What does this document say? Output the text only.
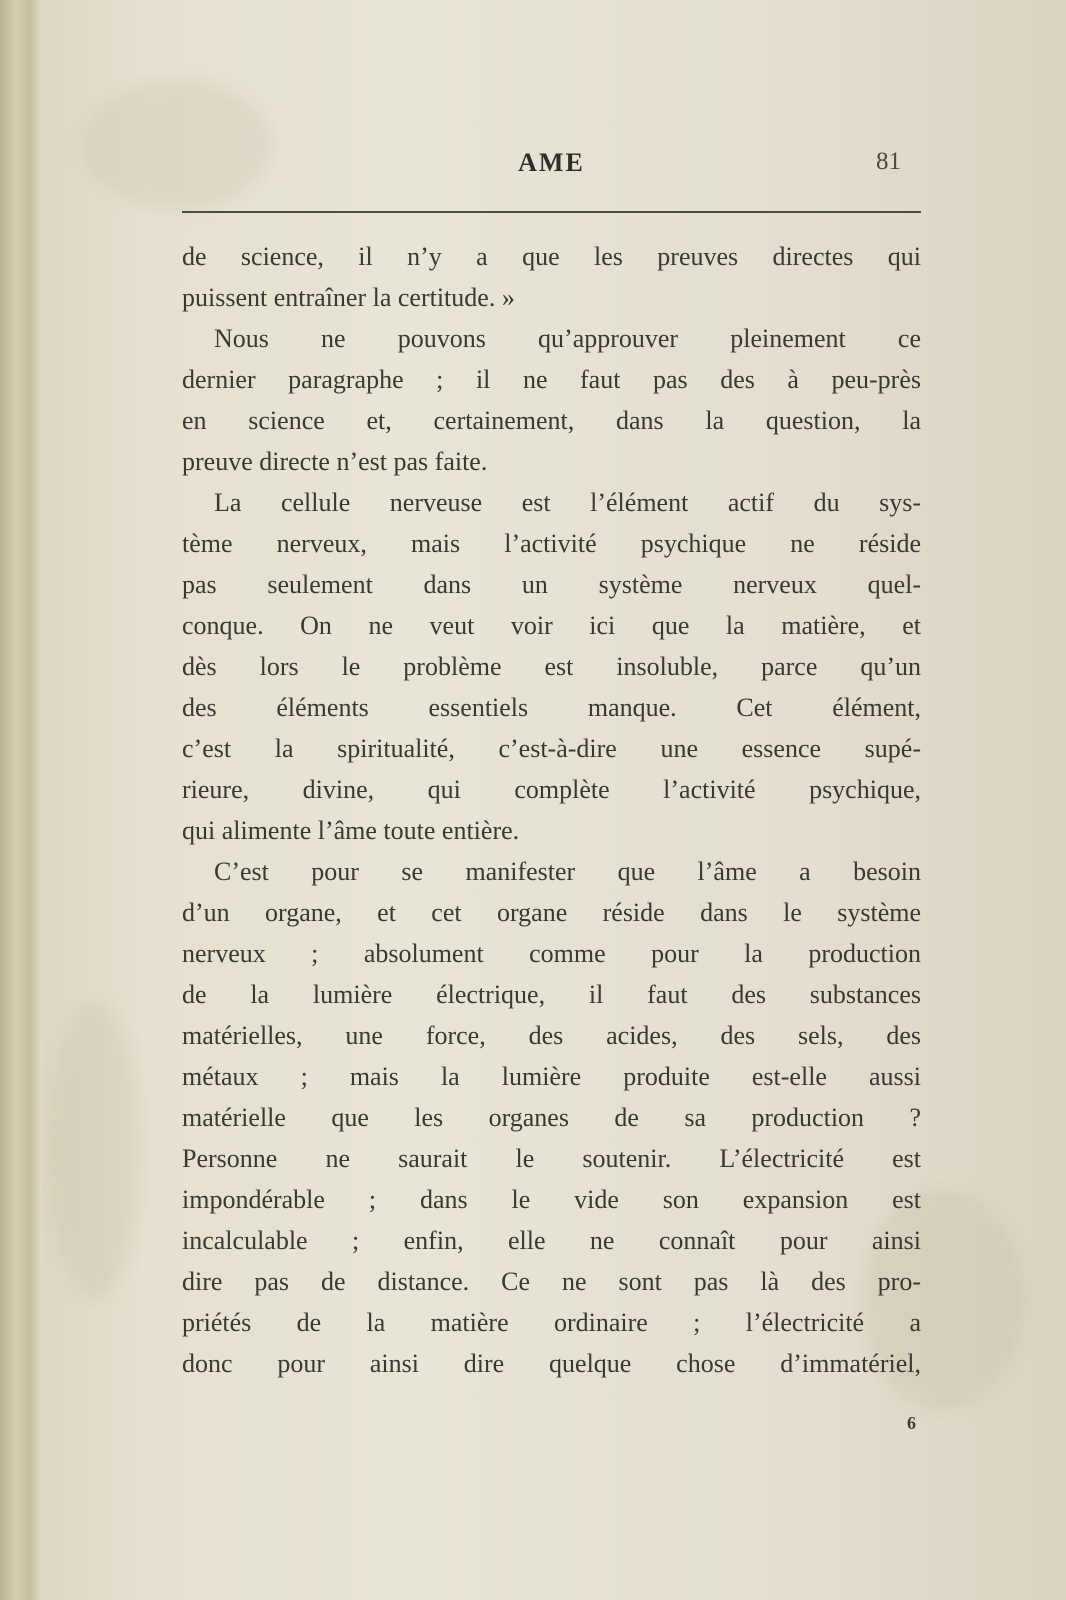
AME	81
de science, il n’y a que les preuves directes qui
puissent entraîner la certitude. »
Nous ne pouvons qu’approuver pleinement ce
dernier paragraphe ; il ne faut pas des à peu-près
en science et, certainement, dans la question, la
preuve directe n’est pas faite.
La cellule nerveuse est l’élément actif du sys-
tème nerveux, mais l’activité psychique ne réside
pas seulement dans un système nerveux quel-
conque. On ne veut voir ici que la matière, et
dès lors le problème est insoluble, parce qu’un
des éléments essentiels manque. Cet élément,
c’est la spiritualité, c’est-à-dire une essence supé-
rieure, divine, qui complète l’activité psychique,
qui alimente l’âme toute entière.
C’est pour se manifester que l’âme a besoin
d’un organe, et cet organe réside dans le système
nerveux ; absolument comme pour la production
de la lumière électrique, il faut des substances
matérielles, une force, des acides, des sels, des
métaux ; mais la lumière produite est-elle aussi
matérielle que les organes de sa production ?
Personne ne saurait le soutenir. L’électricité est
impondérable ; dans le vide son expansion est
incalculable ; enfin, elle ne connaît pour ainsi
dire pas de distance. Ce ne sont pas là des pro-
priétés de la matière ordinaire ; l’électricité a
donc pour ainsi dire quelque chose d’immatériel,
6
